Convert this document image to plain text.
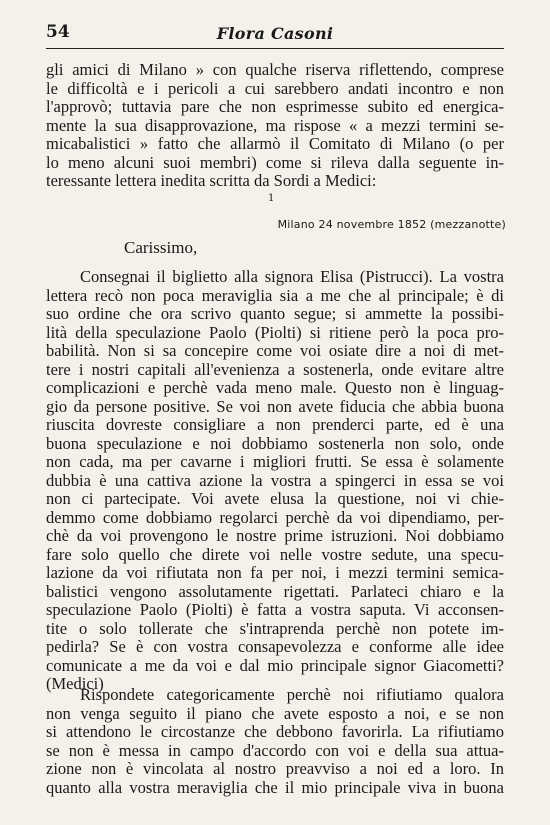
54	Flora Casoni
gli amici di Milano » con qualche riserva riflettendo, comprese
le difficoltà e i pericoli a cui sarebbero andati incontro e non
l'approvò; tuttavia pare che non esprimesse subito ed energica-
mente la sua disapprovazione, ma rispose « a mezzi termini se-
micabalistici » fatto che allarmò il Comitato di Milano (o per
lo meno alcuni suoi membri) come si rileva dalla seguente in-
teressante lettera inedita scritta da Sordi a Medici:
1
Milano 24 novembre 1852 (mezzanotte)
Carissimo,
Consegnai il biglietto alla signora Elisa (Pistrucci). La vostra
lettera recò non poca meraviglia sia a me che al principale; è di
suo ordine che ora scrivo quanto segue; si ammette la possibi-
lità della speculazione Paolo (Piolti) si ritiene però la poca pro-
babilità. Non si sa concepire come voi osiate dire a noi di met-
tere i nostri capitali all'evenienza a sostenerla, onde evitare altre
complicazioni e perchè vada meno male. Questo non è linguag-
gio da persone positive. Se voi non avete fiducia che abbia buona
riuscita dovreste consigliare a non prenderci parte, ed è una
buona speculazione e noi dobbiamo sostenerla non solo, onde
non cada, ma per cavarne i migliori frutti. Se essa è solamente
dubbia è una cattiva azione la vostra a spingerci in essa se voi
non ci partecipate. Voi avete elusa la questione, noi vi chie-
demmo come dobbiamo regolarci perchè da voi dipendiamo, per-
chè da voi provengono le nostre prime istruzioni. Noi dobbiamo
fare solo quello che direte voi nelle vostre sedute, una specu-
lazione da voi rifiutata non fa per noi, i mezzi termini semica-
balistici vengono assolutamente rigettati. Parlateci chiaro e la
speculazione Paolo (Piolti) è fatta a vostra saputa. Vi acconsen-
tite o solo tollerate che s'intraprenda perchè non potete im-
pedirla? Se è con vostra consapevolezza e conforme alle idee
comunicate a me da voi e dal mio principale signor Giacometti?
(Medici)
Rispondete categoricamente perchè noi rifiutiamo qualora
non venga seguito il piano che avete esposto a noi, e se non
si attendono le circostanze che debbono favorirla. La rifiutiamo
se non è messa in campo d'accordo con voi e della sua attua-
zione non è vincolata al nostro preavviso a noi ed a loro. In
quanto alla vostra meraviglia che il mio principale viva in buona
